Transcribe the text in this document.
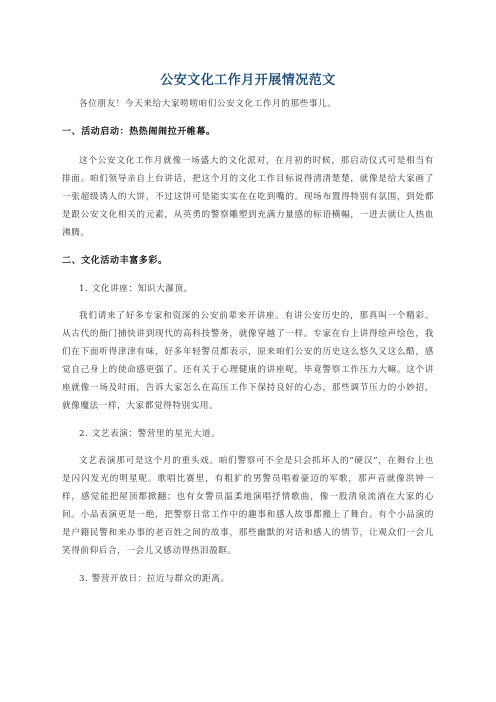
公安文化工作月开展情况范文

各位朋友！今天来给大家唠唠咱们公安文化工作月的那些事儿。

一、活动启动：热热闹闹拉开帷幕。

这个公安文化工作月就像一场盛大的文化派对，在月初的时候，那启动仪式可是相当有排面。咱们领导亲自上台讲话，把这个月的文化工作目标说得清清楚楚，就像是给大家画了一张超级诱人的大饼，不过这饼可是能实实在在吃到嘴的。现场布置得特别有氛围，到处都是跟公安文化相关的元素，从英勇的警察雕塑到充满力量感的标语横幅，一进去就让人热血沸腾。

二、文化活动丰富多彩。

1. 文化讲座：知识大瀑顶。

我们请来了好多专家和资深的公安前辈来开讲座。有讲公安历史的，那真叫一个精彩。从古代的衙门捕快讲到现代的高科技警务，就像穿越了一样。专家在台上讲得绘声绘色，我们在下面听得津津有味，好多年轻警员都表示，原来咱们公安的历史这么悠久又这么酷，感觉自己身上的使命感更强了。还有关于心理健康的讲座呢，毕竟警察工作压力大嘛。这个讲座就像一场及时雨，告诉大家怎么在高压工作下保持良好的心态，那些调节压力的小妙招，就像魔法一样，大家都觉得特别实用。

2. 文艺表演：警营里的星光大道。

文艺表演那可是这个月的重头戏。咱们警察可不全是只会抓坏人的“硬汉”，在舞台上也是闪闪发光的明星呢。歌唱比赛里，有粗犷的男警员唱着豪迈的军歌，那声音就像洪钟一样，感觉能把屋顶都掀翻；也有女警员温柔地演唱抒情歌曲，像一股清泉流淌在大家的心间。小品表演更是一绝，把警察日常工作中的趣事和感人故事都搬上了舞台。有个小品演的是户籍民警和来办事的老百姓之间的故事，那些幽默的对话和感人的情节，让观众们一会儿笑得前仰后合，一会儿又感动得热泪盈眶。

3. 警营开放日：拉近与群众的距离。
